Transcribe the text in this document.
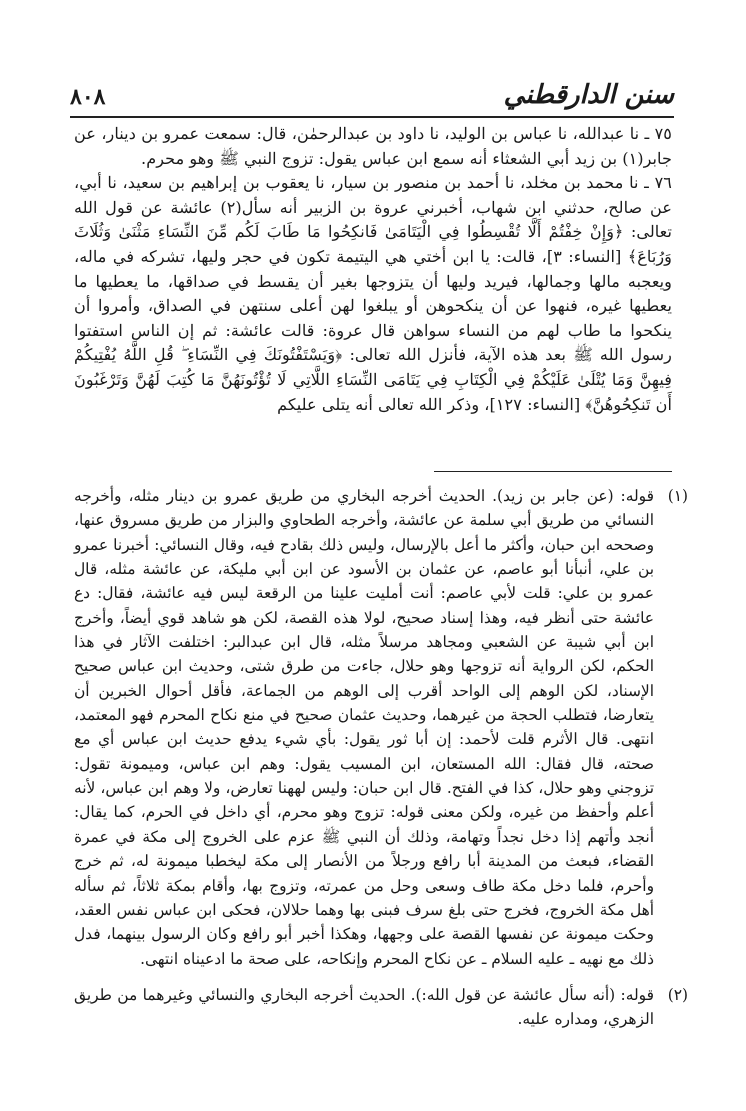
٨٠٨	سنن الدارقطني

٧٥ ـ نا عبدالله، نا عباس بن الوليد، نا داود بن عبدالرحمٰن، قال: سمعت عمرو بن دينار، عن جابر(١) بن زيد أبي الشعثاء أنه سمع ابن عباس يقول: تزوج النبي ﷺ وهو محرم.

٧٦ ـ نا محمد بن مخلد، نا أحمد بن منصور بن سيار، نا يعقوب بن إبراهيم بن سعيد، نا أبي، عن صالح، حدثني ابن شهاب، أخبرني عروة بن الزبير أنه سأل(٢) عائشة عن قول الله تعالى: ﴿وَإِنْ خِفْتُمْ أَلَّا تُقْسِطُوا فِي الْيَتَامَىٰ فَانكِحُوا مَا طَابَ لَكُم مِّنَ النِّسَاءِ مَثْنَىٰ وَثُلَاثَ وَرُبَاعَ﴾ [النساء: ٣]، قالت: يا ابن أختي هي اليتيمة تكون في حجر وليها، تشركه في ماله، ويعجبه مالها وجمالها، فيريد وليها أن يتزوجها بغير أن يقسط في صداقها، ما يعطيها ما يعطيها غيره، فنهوا عن أن ينكحوهن أو يبلغوا لهن أعلى سنتهن في الصداق، وأمروا أن ينكحوا ما طاب لهم من النساء سواهن قال عروة: قالت عائشة: ثم إن الناس استفتوا رسول الله ﷺ بعد هذه الآية، فأنزل الله تعالى: ﴿وَيَسْتَفْتُونَكَ فِي النِّسَاءِ ۖ قُلِ اللَّهُ يُفْتِيكُمْ فِيهِنَّ وَمَا يُتْلَىٰ عَلَيْكُمْ فِي الْكِتَابِ فِي يَتَامَى النِّسَاءِ اللَّاتِي لَا تُؤْتُونَهُنَّ مَا كُتِبَ لَهُنَّ وَتَرْغَبُونَ أَن تَنكِحُوهُنَّ﴾ [النساء: ١٢٧]، وذكر الله تعالى أنه يتلى عليكم

(١)
قوله: (عن جابر بن زيد). الحديث أخرجه البخاري من طريق عمرو بن دينار مثله، وأخرجه النسائي من طريق أبي سلمة عن عائشة، وأخرجه الطحاوي والبزار من طريق مسروق عنها، وصححه ابن حبان، وأكثر ما أعل بالإرسال، وليس ذلك بقادح فيه، وقال النسائي: أخبرنا عمرو بن علي، أنبأنا أبو عاصم، عن عثمان بن الأسود عن ابن أبي مليكة، عن عائشة مثله، قال عمرو بن علي: قلت لأبي عاصم: أنت أمليت علينا من الرقعة ليس فيه عائشة، فقال: دع عائشة حتى أنظر فيه، وهذا إسناد صحيح، لولا هذه القصة، لكن هو شاهد قوي أيضاً، وأخرج ابن أبي شيبة عن الشعبي ومجاهد مرسلاً مثله، قال ابن عبدالبر: اختلفت الآثار في هذا الحكم، لكن الرواية أنه تزوجها وهو حلال، جاءت من طرق شتى، وحديث ابن عباس صحيح الإسناد، لكن الوهم إلى الواحد أقرب إلى الوهم من الجماعة، فأقل أحوال الخبرين أن يتعارضا، فتطلب الحجة من غيرهما، وحديث عثمان صحيح في منع نكاح المحرم فهو المعتمد، انتهى. قال الأثرم قلت لأحمد: إن أبا ثور يقول: بأي شيء يدفع حديث ابن عباس أي مع صحته، قال فقال: الله المستعان، ابن المسيب يقول: وهم ابن عباس، وميمونة تقول: تزوجني وهو حلال، كذا في الفتح. قال ابن حبان: وليس لههنا تعارض، ولا وهم ابن عباس، لأنه أعلم وأحفظ من غيره، ولكن معنى قوله: تزوج وهو محرم، أي داخل في الحرم، كما يقال: أنجد وأتهم إذا دخل نجداً وتهامة، وذلك أن النبي ﷺ عزم على الخروج إلى مكة في عمرة القضاء، فبعث من المدينة أبا رافع ورجلاً من الأنصار إلى مكة ليخطبا ميمونة له، ثم خرج وأحرم، فلما دخل مكة طاف وسعى وحل من عمرته، وتزوج بها، وأقام بمكة ثلاثاً، ثم سأله أهل مكة الخروج، فخرج حتى بلغ سرف فبنى بها وهما حلالان، فحكى ابن عباس نفس العقد، وحكت ميمونة عن نفسها القصة على وجهها، وهكذا أخبر أبو رافع وكان الرسول بينهما، فدل ذلك مع نهيه ـ عليه السلام ـ عن نكاح المحرم وإنكاحه، على صحة ما ادعيناه انتهى.
(٢)
قوله: (أنه سأل عائشة عن قول الله:). الحديث أخرجه البخاري والنسائي وغيرهما من طريق الزهري، ومداره عليه.
